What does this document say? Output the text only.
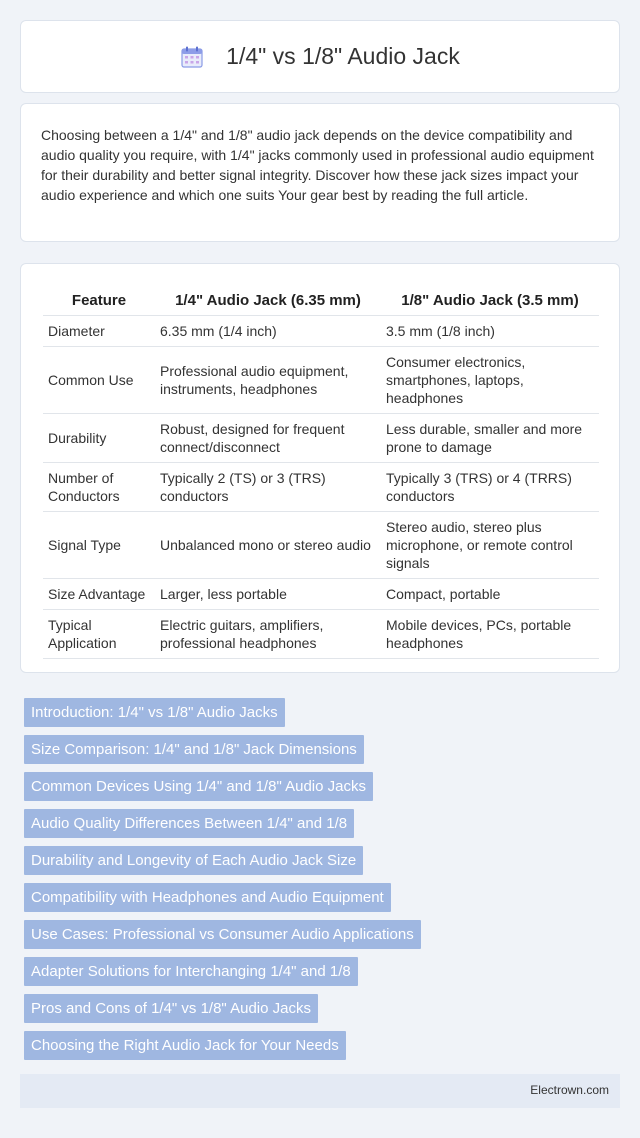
1/4" vs 1/8" Audio Jack

Choosing between a 1/4" and 1/8" audio jack depends on the device compatibility and audio quality you require, with 1/4" jacks commonly used in professional audio equipment for their durability and better signal integrity. Discover how these jack sizes impact your audio experience and which one suits Your gear best by reading the full article.

Feature	1/4" Audio Jack (6.35 mm)	1/8" Audio Jack (3.5 mm)
Diameter	6.35 mm (1/4 inch)	3.5 mm (1/8 inch)
Common Use	Professional audio equipment, instruments, headphones	Consumer electronics, smartphones, laptops, headphones
Durability	Robust, designed for frequent connect/disconnect	Less durable, smaller and more prone to damage
Number of Conductors	Typically 2 (TS) or 3 (TRS) conductors	Typically 3 (TRS) or 4 (TRRS) conductors
Signal Type	Unbalanced mono or stereo audio	Stereo audio, stereo plus microphone, or remote control signals
Size Advantage	Larger, less portable	Compact, portable
Typical Application	Electric guitars, amplifiers, professional headphones	Mobile devices, PCs, portable headphones
Introduction: 1/4" vs 1/8" Audio Jacks
Size Comparison: 1/4" and 1/8" Jack Dimensions
Common Devices Using 1/4" and 1/8" Audio Jacks
Audio Quality Differences Between 1/4" and 1/8
Durability and Longevity of Each Audio Jack Size
Compatibility with Headphones and Audio Equipment
Use Cases: Professional vs Consumer Audio Applications
Adapter Solutions for Interchanging 1/4" and 1/8
Pros and Cons of 1/4" vs 1/8" Audio Jacks
Choosing the Right Audio Jack for Your Needs
Electrown.com
